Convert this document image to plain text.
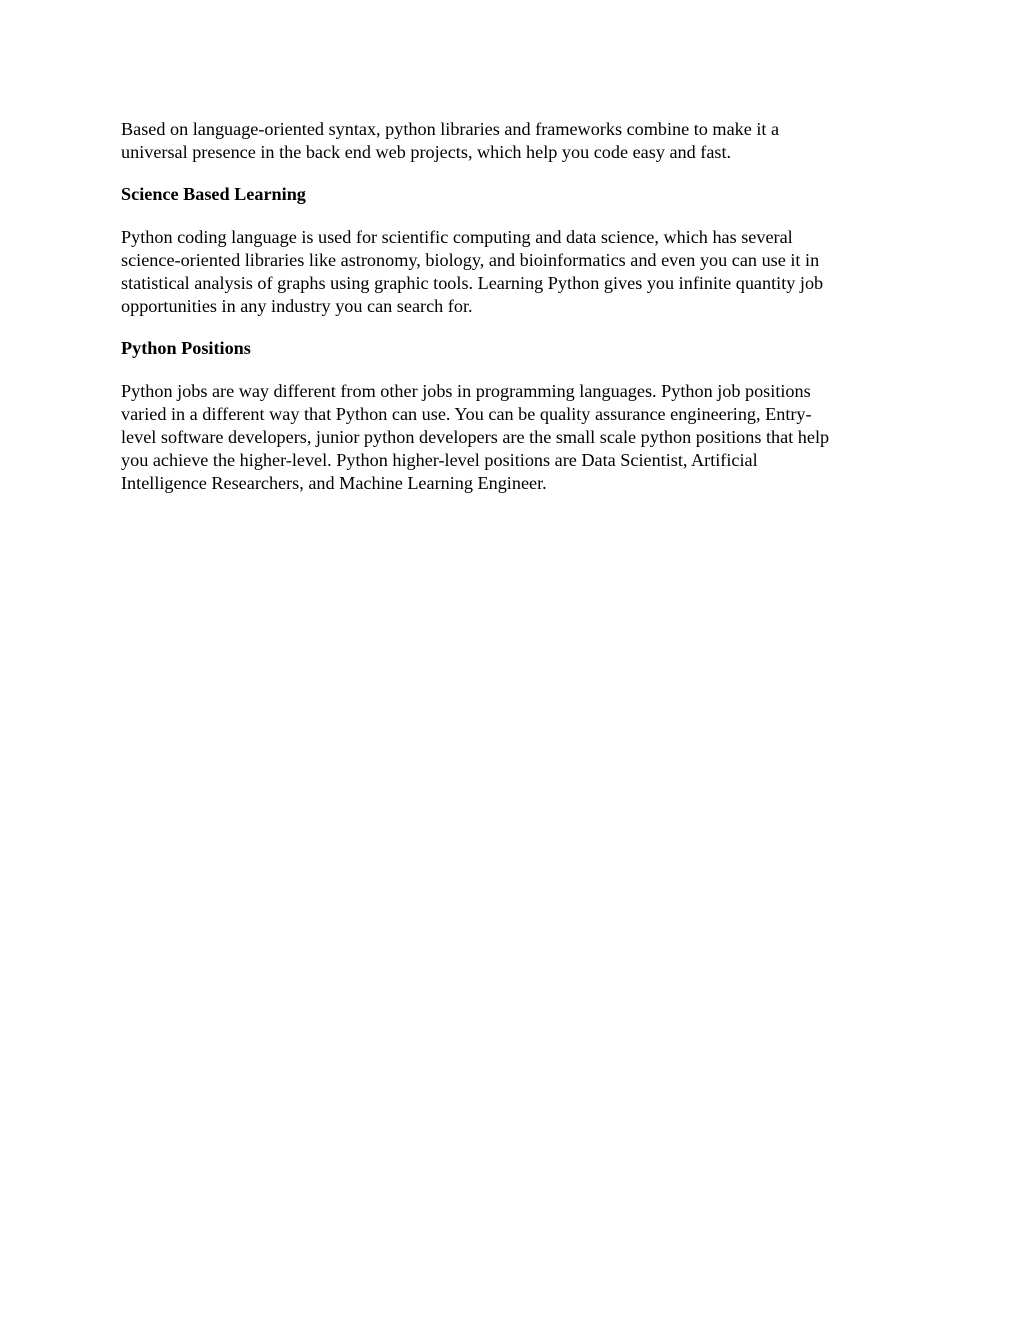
Based on language-oriented syntax, python libraries and frameworks combine to make it a
universal presence in the back end web projects, which help you code easy and fast.

Science Based Learning

Python coding language is used for scientific computing and data science, which has several
science-oriented libraries like astronomy, biology, and bioinformatics and even you can use it in
statistical analysis of graphs using graphic tools. Learning Python gives you infinite quantity job
opportunities in any industry you can search for.

Python Positions

Python jobs are way different from other jobs in programming languages. Python job positions
varied in a different way that Python can use. You can be quality assurance engineering, Entry-
level software developers, junior python developers are the small scale python positions that help
you achieve the higher-level. Python higher-level positions are Data Scientist, Artificial
Intelligence Researchers, and Machine Learning Engineer.
